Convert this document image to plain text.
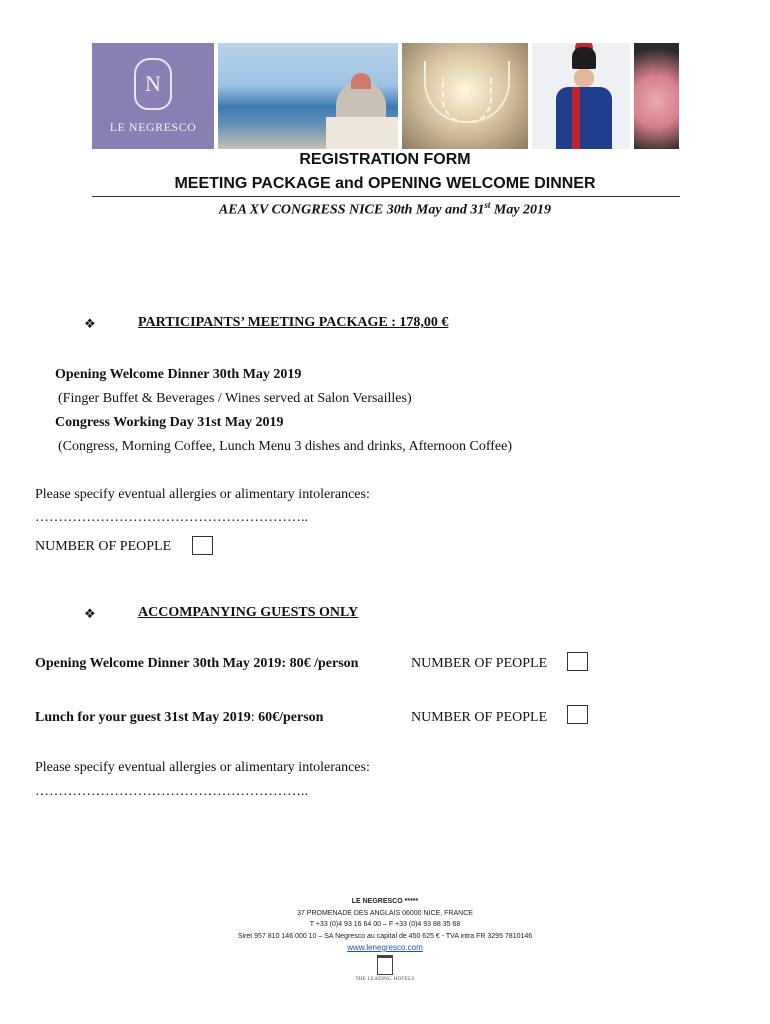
N
LE NEGRESCO
REGISTRATION FORM
MEETING PACKAGE and OPENING WELCOME DINNER
AEA XV CONGRESS NICE 30th May and 31st May 2019
❖	PARTICIPANTS’ MEETING PACKAGE : 178,00 €
Opening Welcome Dinner 30th May 2019
(Finger Buffet & Beverages / Wines served at Salon Versailles)
Congress Working Day 31st May 2019
(Congress, Morning Coffee, Lunch Menu 3 dishes and drinks, Afternoon Coffee)
Please specify eventual allergies or alimentary intolerances:
…………………………………………………..
NUMBER OF PEOPLE
❖	ACCOMPANYING GUESTS ONLY
Opening Welcome Dinner 30th May 2019: 80€ /person	NUMBER OF PEOPLE
Lunch for your guest 31st May 2019: 60€/person	NUMBER OF PEOPLE
Please specify eventual allergies or alimentary intolerances:
…………………………………………………..
LE NEGRESCO *****
37 PROMENADE DES ANGLAIS 06000 NICE, FRANCE
T +33 (0)4 93 16 64 00 – F +33 (0)4 93 88 35 68
Siret 957 810 146 000 10 – SA Negresco au capital de 450 625 € - TVA intra FR 3295 7810146
www.lenegresco.com
THE LEADING HOTELS
